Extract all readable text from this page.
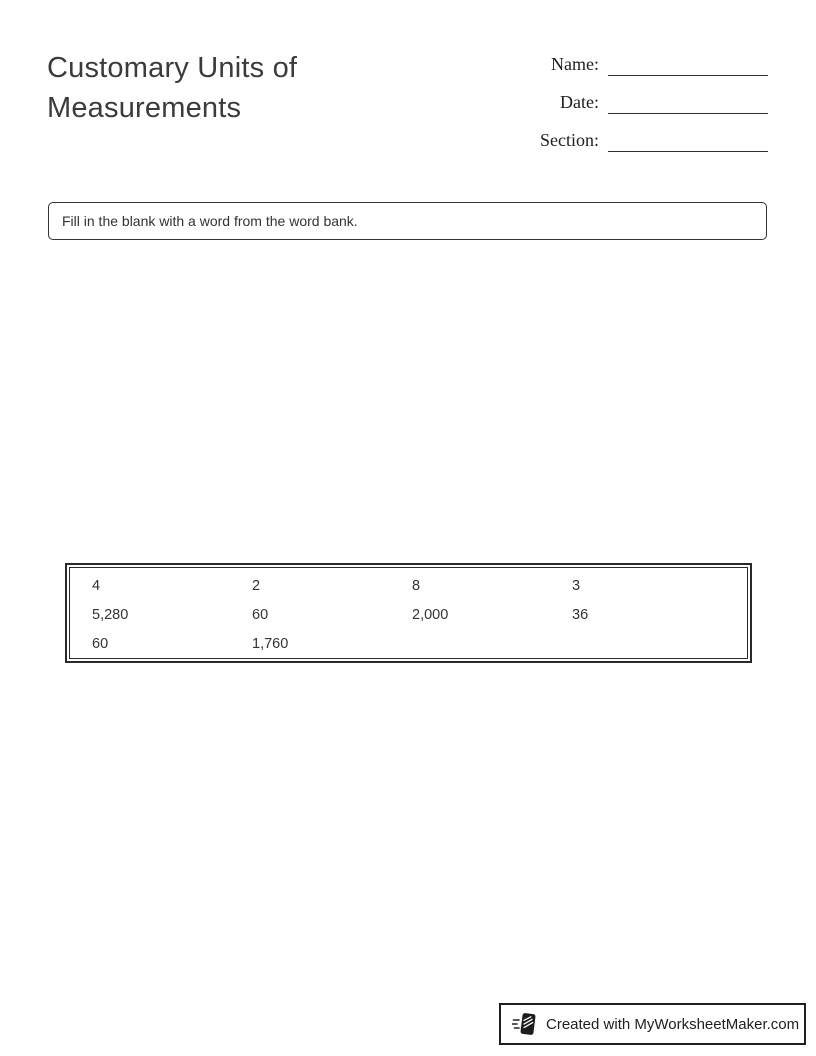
Customary Units of Measurements
Name:
Date:
Section:
Fill in the blank with a word from the word bank.
4	2	8	3
5,280	60	2,000	36
60	1,760
Created with MyWorksheetMaker.com
